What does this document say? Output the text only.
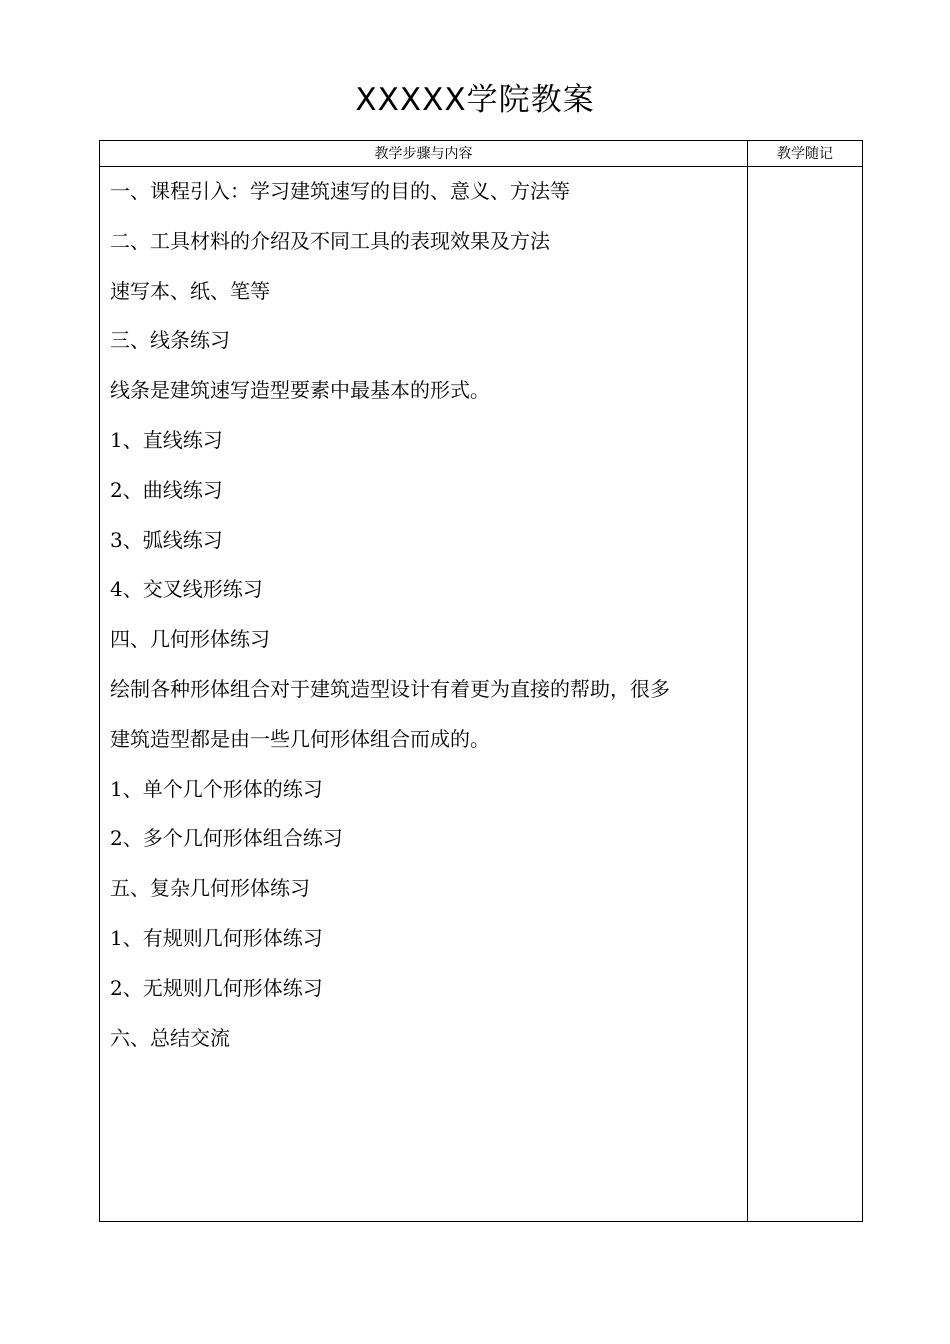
XXXXX学院教案
教学步骤与内容	教学随记
一、课程引入：学习建筑速写的目的、意义、方法等
二、工具材料的介绍及不同工具的表现效果及方法
速写本、纸、笔等
三、线条练习
线条是建筑速写造型要素中最基本的形式。
1、直线练习
2、曲线练习
3、弧线练习
4、交叉线形练习
四、几何形体练习
绘制各种形体组合对于建筑造型设计有着更为直接的帮助，很多
建筑造型都是由一些几何形体组合而成的。
1、单个几个形体的练习
2、多个几何形体组合练习
五、复杂几何形体练习
1、有规则几何形体练习
2、无规则几何形体练习
六、总结交流
